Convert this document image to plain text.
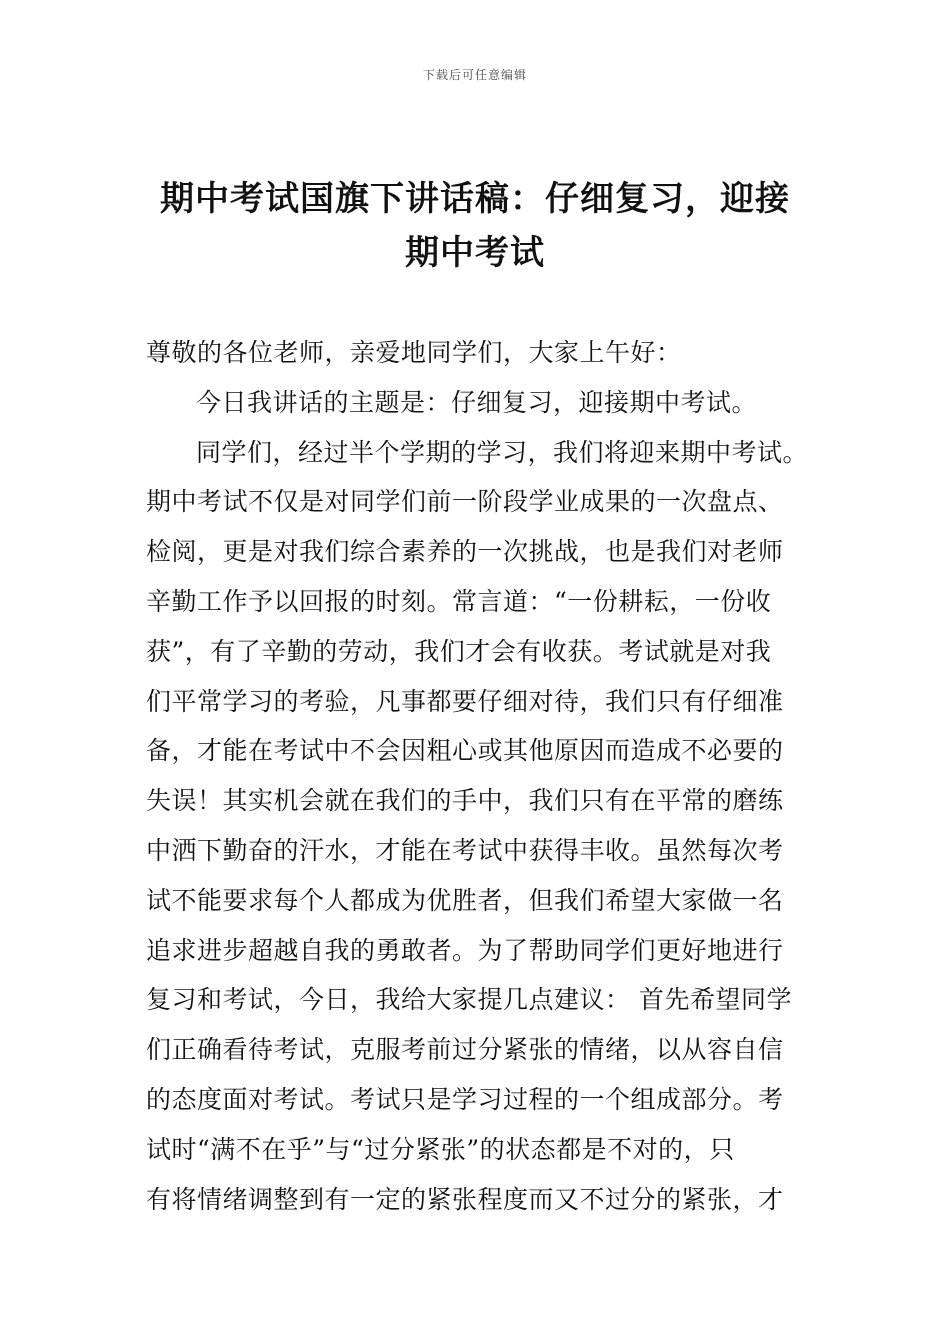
下载后可任意编辑
期中考试国旗下讲话稿：仔细复习，迎接
期中考试
尊敬的各位老师，亲爱地同学们，大家上午好：
今日我讲话的主题是：仔细复习，迎接期中考试。
同学们，经过半个学期的学习，我们将迎来期中考试。
期中考试不仅是对同学们前一阶段学业成果的一次盘点、
检阅，更是对我们综合素养的一次挑战，也是我们对老师
辛勤工作予以回报的时刻。常言道：“一份耕耘，一份收
获”，有了辛勤的劳动，我们才会有收获。考试就是对我
们平常学习的考验，凡事都要仔细对待，我们只有仔细准
备，才能在考试中不会因粗心或其他原因而造成不必要的
失误！其实机会就在我们的手中，我们只有在平常的磨练
中洒下勤奋的汗水，才能在考试中获得丰收。虽然每次考
试不能要求每个人都成为优胜者，但我们希望大家做一名
追求进步超越自我的勇敢者。为了帮助同学们更好地进行
复习和考试，今日，我给大家提几点建议： 首先希望同学
们正确看待考试，克服考前过分紧张的情绪，以从容自信
的态度面对考试。考试只是学习过程的一个组成部分。考
试时“满不在乎”与“过分紧张”的状态都是不对的，只
有将情绪调整到有一定的紧张程度而又不过分的紧张，才
